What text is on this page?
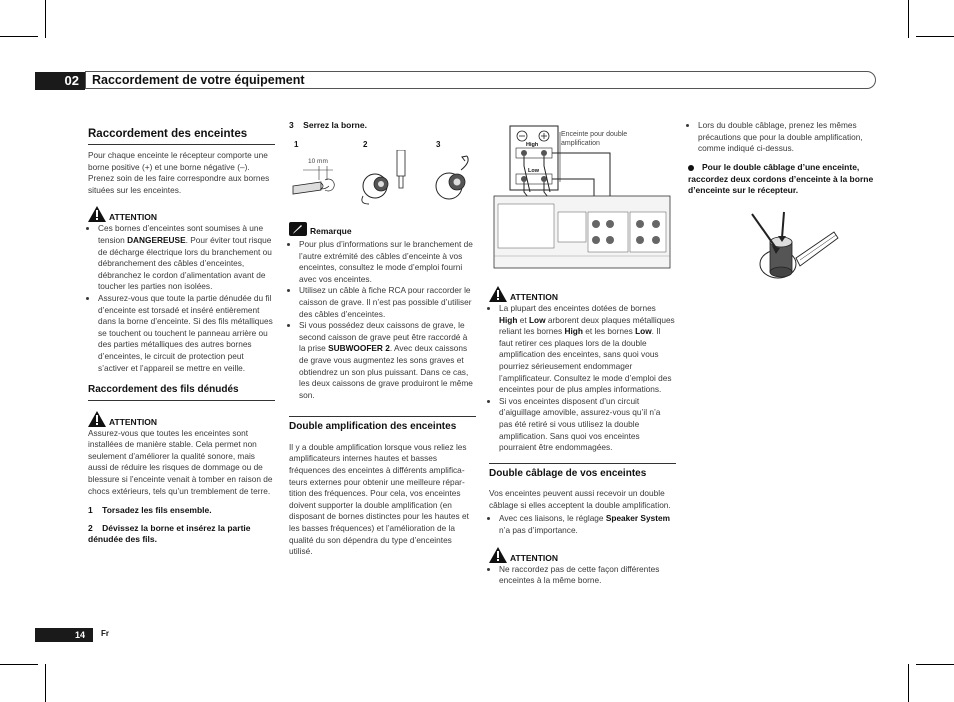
02	Raccordement de votre équipement
Raccordement des enceintes

Pour chaque enceinte le récepteur comporte une borne positive (+) et une borne négative (–). Prenez soin de les faire correspondre aux bornes situées sur les enceintes.

ATTENTION
• Ces bornes d’enceintes sont soumises à une tension DANGEREUSE. Pour éviter tout risque de décharge électrique lors du branchement ou débranchement des câbles d’enceintes, débranchez le cordon d’alimentation avant de toucher les parties non isolées.
• Assurez-vous que toute la partie dénudée du fil d’enceinte est torsadé et inséré entièrement dans la borne d’enceinte. Si des fils métalliques se touchent ou touchent le panneau arrière ou des parties métalliques des autres bornes d’enceintes, le circuit de protection peut s’activer et l’appareil se mettre en veille.
Raccordement des fils dénudés
ATTENTION

Assurez-vous que toutes les enceintes sont installées de manière stable. Cela permet non seulement d’améliorer la qualité sonore, mais aussi de réduire les risques de dommage ou de blessure si l’enceinte venait à tomber en raison de chocs extérieurs, tels qu’un tremblement de terre.

1    Torsadez les fils ensemble.

2    Dévissez la borne et insérez la partie dénudée des fils.

3    Serrez la borne.

1	2	3
10 mm
Remarque
• Pour plus d’informations sur le branchement de l’autre extrémité des câbles d’enceinte à vos enceintes, consultez le mode d’emploi fourni avec vos enceintes.
• Utilisez un câble à fiche RCA pour raccorder le caisson de grave. Il n’est pas possible d’utiliser des câbles d’enceintes.
• Si vous possédez deux caissons de grave, le second caisson de grave peut être raccordé à la prise SUBWOOFER 2. Avec deux caissons de grave vous augmentez les sons graves et obtiendrez un son plus puissant. Dans ce cas, les deux caissons de grave produiront le même son.
Double amplification des enceintes

Il y a double amplification lorsque vous reliez les amplificateurs internes hautes et basses fréquences des enceintes à différents amplificateurs externes pour obtenir une meilleure répartition des fréquences. Pour cela, vos enceintes doivent supporter la double amplification (en disposant de bornes distinctes pour les hautes et les basses fréquences) et l’amélioration de la qualité du son dépendra du type d’enceintes utilisé.

Enceinte pour double amplification
High
Low
ATTENTION
• La plupart des enceintes dotées de bornes High et Low arborent deux plaques métalliques reliant les bornes High et les bornes Low. Il faut retirer ces plaques lors de la double amplification des enceintes, sans quoi vous pourriez sérieusement endommager l’amplificateur. Consultez le mode d’emploi des enceintes pour de plus amples informations.
• Si vos enceintes disposent d’un circuit d’aiguillage amovible, assurez-vous qu’il n’a pas été retiré si vous utilisez la double amplification. Sans quoi vos enceintes pourraient être endommagées.
Double câblage de vos enceintes

Vos enceintes peuvent aussi recevoir un double câblage si elles acceptent la double amplification.

• Avec ces liaisons, le réglage Speaker System n’a pas d’importance.
ATTENTION
• Ne raccordez pas de cette façon différentes enceintes à la même borne.
• Lors du double câblage, prenez les mêmes précautions que pour la double amplification, comme indiqué ci-dessus.

Pour le double câblage d’une enceinte, raccordez deux cordons d’enceinte à la borne d’enceinte sur le récepteur.

14	Fr
